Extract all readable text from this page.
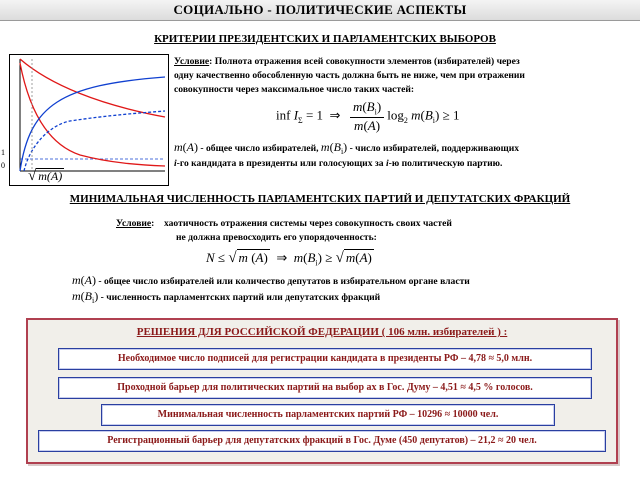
СОЦИАЛЬНО - ПОЛИТИЧЕСКИЕ АСПЕКТЫ
КРИТЕРИИ ПРЕЗИДЕНТСКИХ И ПАРЛАМЕНТСКИХ ВЫБОРОВ
1
0
√ m(A)
Условие: Полнота отражения всей совокупности элементов (избирателей) через
одну качественно обособленную часть должна быть не ниже, чем при отражении
совокупности через максимальное число таких частей:
inf $I_\Sigma = 1$  ⇒ $\frac{m(B_i)}{m(A)} \log_2 m(B_i) \ge 1$
m(A) - общее число избирателей, $m(B_i)$ - число избирателей, поддерживающих
i-го кандидата в президенты или голосующих за i-ю политическую партию.
МИНИМАЛЬНАЯ ЧИСЛЕННОСТЬ ПАРЛАМЕНТСКИХ ПАРТИЙ И ДЕПУТАТСКИХ ФРАКЦИЙ
Условие:    хаотичность отражения системы через совокупность своих частей
не должна превосходить его упорядоченность:
N ≤ √ m (A)  ⇒  $m(B_i)$ ≥ √ m(A)
m(A) - общее число избирателей или количество депутатов в избирательном органе власти
$m(B_i)$ - численность парламентских партий или депутатских фракций
РЕШЕНИЯ ДЛЯ РОССИЙСКОЙ ФЕДЕРАЦИИ ( 106 млн. избирателей ) :
Необходимое число подписей для регистрации кандидата в президенты РФ – 4,78 ≈ 5,0 млн.
Проходной барьер для политических партий на выбор ах в Гос. Думу – 4,51 ≈ 4,5 % голосов.
Минимальная численность парламентских партий РФ – 10296 ≈ 10000 чел.
Регистрационный барьер для депутатских фракций в Гос. Думе (450 депутатов) – 21,2 ≈ 20 чел.
